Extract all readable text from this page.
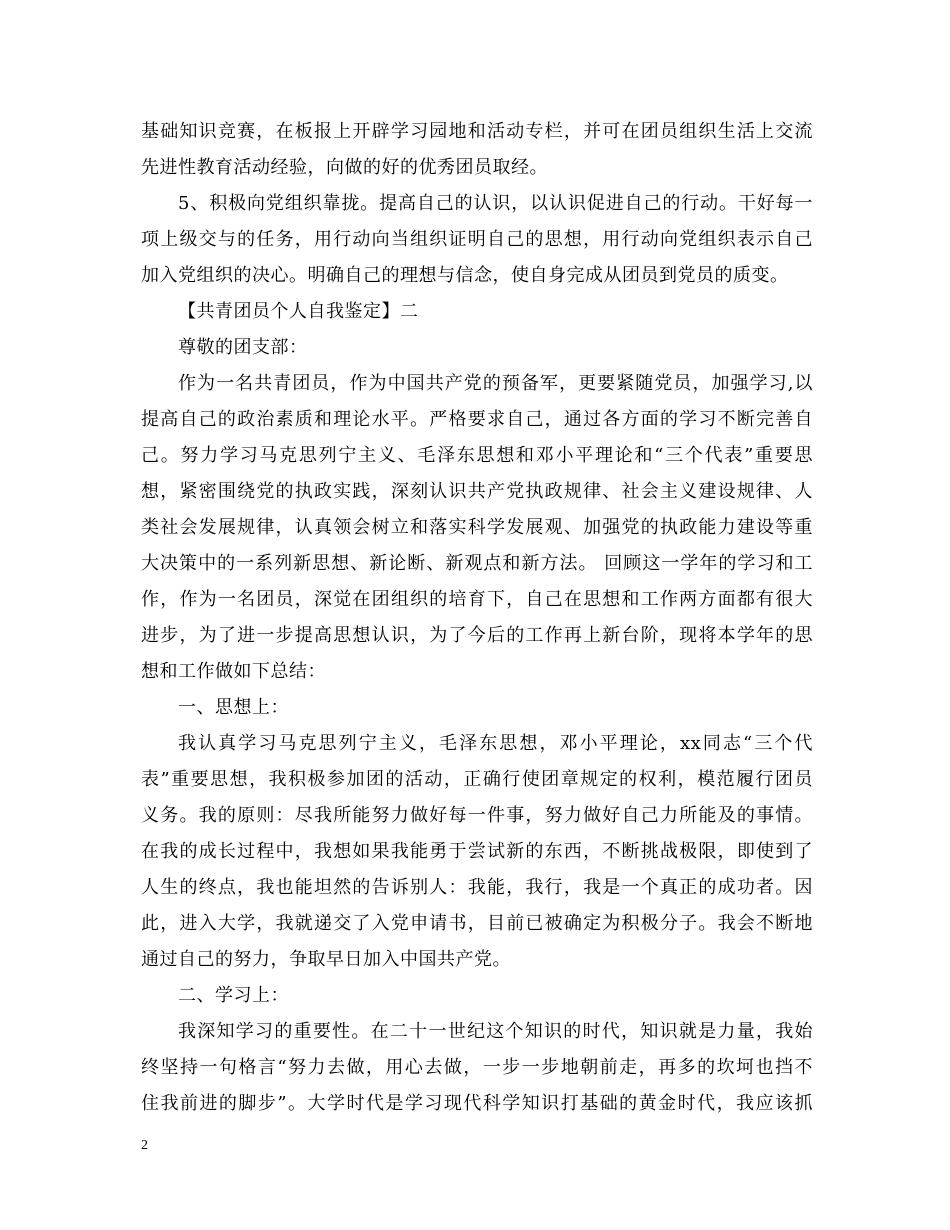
基础知识竞赛，在板报上开辟学习园地和活动专栏，并可在团员组织生活上交流
先进性教育活动经验，向做的好的优秀团员取经。
5、积极向党组织靠拢。提高自己的认识，以认识促进自己的行动。干好每一
项上级交与的任务，用行动向当组织证明自己的思想，用行动向党组织表示自己
加入党组织的决心。明确自己的理想与信念，使自身完成从团员到党员的质变。
【共青团员个人自我鉴定】二
尊敬的团支部：
作为一名共青团员，作为中国共产党的预备军，更要紧随党员，加强学习,以
提高自己的政治素质和理论水平。严格要求自己，通过各方面的学习不断完善自
己。努力学习马克思列宁主义、毛泽东思想和邓小平理论和“三个代表”重要思
想，紧密围绕党的执政实践，深刻认识共产党执政规律、社会主义建设规律、人
类社会发展规律，认真领会树立和落实科学发展观、加强党的执政能力建设等重
大决策中的一系列新思想、新论断、新观点和新方法。 回顾这一学年的学习和工
作，作为一名团员，深觉在团组织的培育下，自己在思想和工作两方面都有很大
进步，为了进一步提高思想认识，为了今后的工作再上新台阶，现将本学年的思
想和工作做如下总结：
一、思想上：
我认真学习马克思列宁主义，毛泽东思想，邓小平理论，xx同志“三个代
表”重要思想，我积极参加团的活动，正确行使团章规定的权利，模范履行团员
义务。我的原则：尽我所能努力做好每一件事，努力做好自己力所能及的事情。
在我的成长过程中，我想如果我能勇于尝试新的东西，不断挑战极限，即使到了
人生的终点，我也能坦然的告诉别人：我能，我行，我是一个真正的成功者。因
此，进入大学，我就递交了入党申请书，目前已被确定为积极分子。我会不断地
通过自己的努力，争取早日加入中国共产党。
二、学习上：
我深知学习的重要性。在二十一世纪这个知识的时代，知识就是力量，我始
终坚持一句格言“努力去做，用心去做，一步一步地朝前走，再多的坎坷也挡不
住我前进的脚步”。大学时代是学习现代科学知识打基础的黄金时代，我应该抓
2
